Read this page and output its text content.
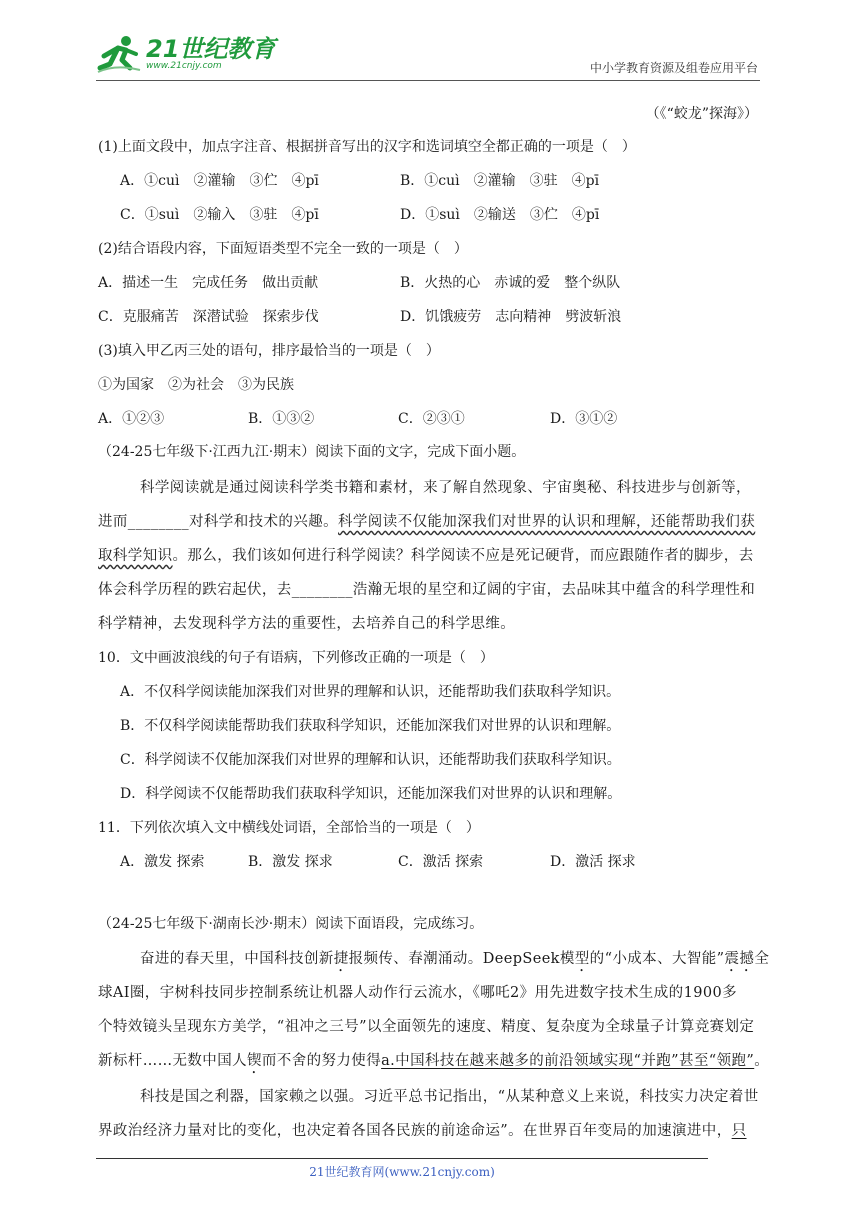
21世纪教育
www.21cnjy.com	中小学教育资源及组卷应用平台
（《“蛟龙”探海》）
(1)上面文段中，加点字注音、根据拼音写出的汉字和选词填空全都正确的一项是（　）
A．①cuì　②灌输　③伫　④pī	B．①cuì　②灌输　③驻　④pī
C．①suì　②输入　③驻　④pī	D．①suì　②输送　③伫　④pī
(2)结合语段内容，下面短语类型不完全一致的一项是（　）
A．描述一生　完成任务　做出贡献	B．火热的心　赤诚的爱　整个纵队
C．克服痛苦　深潜试验　探索步伐	D．饥饿疲劳　志向精神　劈波斩浪
(3)填入甲乙丙三处的语句，排序最恰当的一项是（　）
①为国家　②为社会　③为民族
A．①②③	B．①③②	C．②③①	D．③①②
（24-25七年级下·江西九江·期末）阅读下面的文字，完成下面小题。
科学阅读就是通过阅读科学类书籍和素材，来了解自然现象、宇宙奥秘、科技进步与创新等，
进而________对科学和技术的兴趣。科学阅读不仅能加深我们对世界的认识和理解，还能帮助我们获
取科学知识。那么，我们该如何进行科学阅读？科学阅读不应是死记硬背，而应跟随作者的脚步，去
体会科学历程的跌宕起伏，去________浩瀚无垠的星空和辽阔的宇宙，去品味其中蕴含的科学理性和
科学精神，去发现科学方法的重要性，去培养自己的科学思维。
10．文中画波浪线的句子有语病，下列修改正确的一项是（　）
A．不仅科学阅读能加深我们对世界的理解和认识，还能帮助我们获取科学知识。
B．不仅科学阅读能帮助我们获取科学知识，还能加深我们对世界的认识和理解。
C．科学阅读不仅能加深我们对世界的理解和认识，还能帮助我们获取科学知识。
D．科学阅读不仅能帮助我们获取科学知识，还能加深我们对世界的认识和理解。
11．下列依次填入文中横线处词语，全部恰当的一项是（　）
A．激发 探索	B．激发 探求	C．激活 探索	D．激活 探求
（24-25七年级下·湖南长沙·期末）阅读下面语段，完成练习。
奋进的春天里，中国科技创新捷报频传、春潮涌动。DeepSeek模型的“小成本、大智能”震撼全
球AI圈，宇树科技同步控制系统让机器人动作行云流水，《哪吒2》用先进数字技术生成的1900多
个特效镜头呈现东方美学，“祖冲之三号”以全面领先的速度、精度、复杂度为全球量子计算竞赛划定
新标杆……无数中国人锲而不舍的努力使得a.中国科技在越来越多的前沿领域实现“并跑”甚至“领跑”。
科技是国之利器，国家赖之以强。习近平总书记指出，“从某种意义上来说，科技实力决定着世
界政治经济力量对比的变化，也决定着各国各民族的前途命运”。在世界百年变局的加速演进中，只
21世纪教育网(www.21cnjy.com)
